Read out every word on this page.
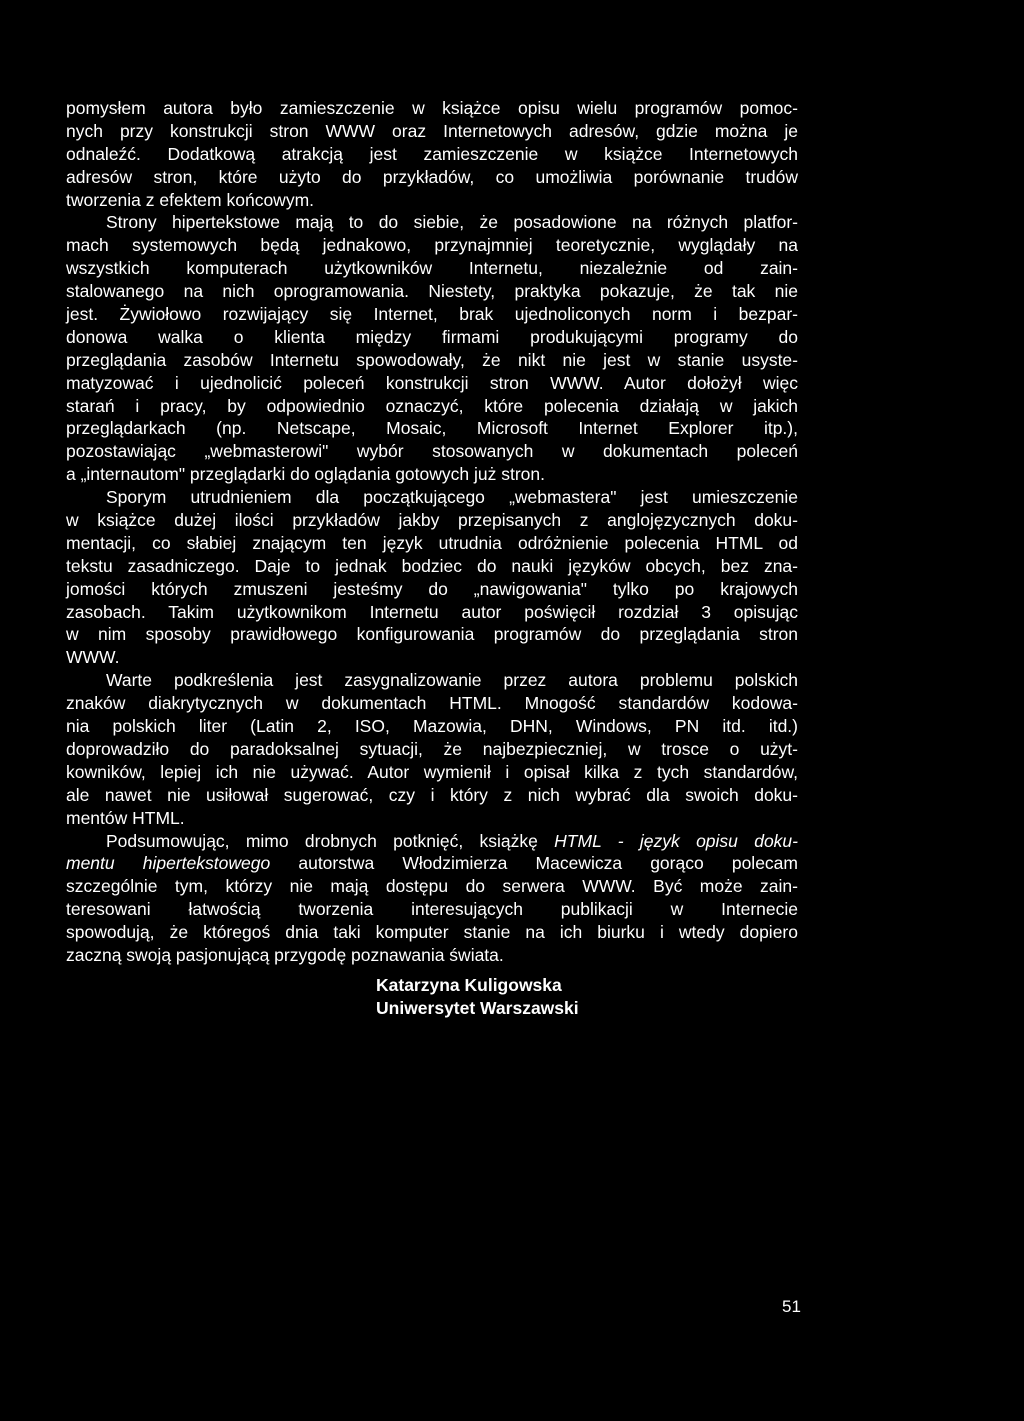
pomysłem autora było zamieszczenie w książce opisu wielu programów pomoc-
nych przy konstrukcji stron WWW oraz Internetowych adresów, gdzie można je
odnaleźć. Dodatkową atrakcją jest zamieszczenie w książce Internetowych
adresów stron, które użyto do przykładów, co umożliwia porównanie trudów
tworzenia z efektem końcowym.
Strony hipertekstowe mają to do siebie, że posadowione na różnych platfor-
mach systemowych będą jednakowo, przynajmniej teoretycznie, wyglądały na
wszystkich komputerach użytkowników Internetu, niezależnie od zain-
stalowanego na nich oprogramowania. Niestety, praktyka pokazuje, że tak nie
jest. Żywiołowo rozwijający się Internet, brak ujednoliconych norm i bezpar-
donowa walka o klienta między firmami produkującymi programy do
przeglądania zasobów Internetu spowodowały, że nikt nie jest w stanie usyste-
matyzować i ujednolicić poleceń konstrukcji stron WWW. Autor dołożył więc
starań i pracy, by odpowiednio oznaczyć, które polecenia działają w jakich
przeglądarkach (np. Netscape, Mosaic, Microsoft Internet Explorer itp.),
pozostawiając „webmasterowi" wybór stosowanych w dokumentach poleceń
a „internautom" przeglądarki do oglądania gotowych już stron.
Sporym utrudnieniem dla początkującego „webmastera" jest umieszczenie
w książce dużej ilości przykładów jakby przepisanych z anglojęzycznych doku-
mentacji, co słabiej znającym ten język utrudnia odróżnienie polecenia HTML od
tekstu zasadniczego. Daje to jednak bodziec do nauki języków obcych, bez zna-
jomości których zmuszeni jesteśmy do „nawigowania" tylko po krajowych
zasobach. Takim użytkownikom Internetu autor poświęcił rozdział 3 opisując
w nim sposoby prawidłowego konfigurowania programów do przeglądania stron
WWW.
Warte podkreślenia jest zasygnalizowanie przez autora problemu polskich
znaków diakrytycznych w dokumentach HTML. Mnogość standardów kodowa-
nia polskich liter (Latin 2, ISO, Mazowia, DHN, Windows, PN itd. itd.)
doprowadziło do paradoksalnej sytuacji, że najbezpieczniej, w trosce o użyt-
kowników, lepiej ich nie używać. Autor wymienił i opisał kilka z tych standardów,
ale nawet nie usiłował sugerować, czy i który z nich wybrać dla swoich doku-
mentów HTML.
Podsumowując, mimo drobnych potknięć, książkę HTML - język opisu doku-
mentu hipertekstowego autorstwa Włodzimierza Macewicza gorąco polecam
szczególnie tym, którzy nie mają dostępu do serwera WWW. Być może zain-
teresowani łatwością tworzenia interesujących publikacji w Internecie
spowodują, że któregoś dnia taki komputer stanie na ich biurku i wtedy dopiero
zaczną swoją pasjonującą przygodę poznawania świata.
Katarzyna Kuligowska
Uniwersytet Warszawski
51
